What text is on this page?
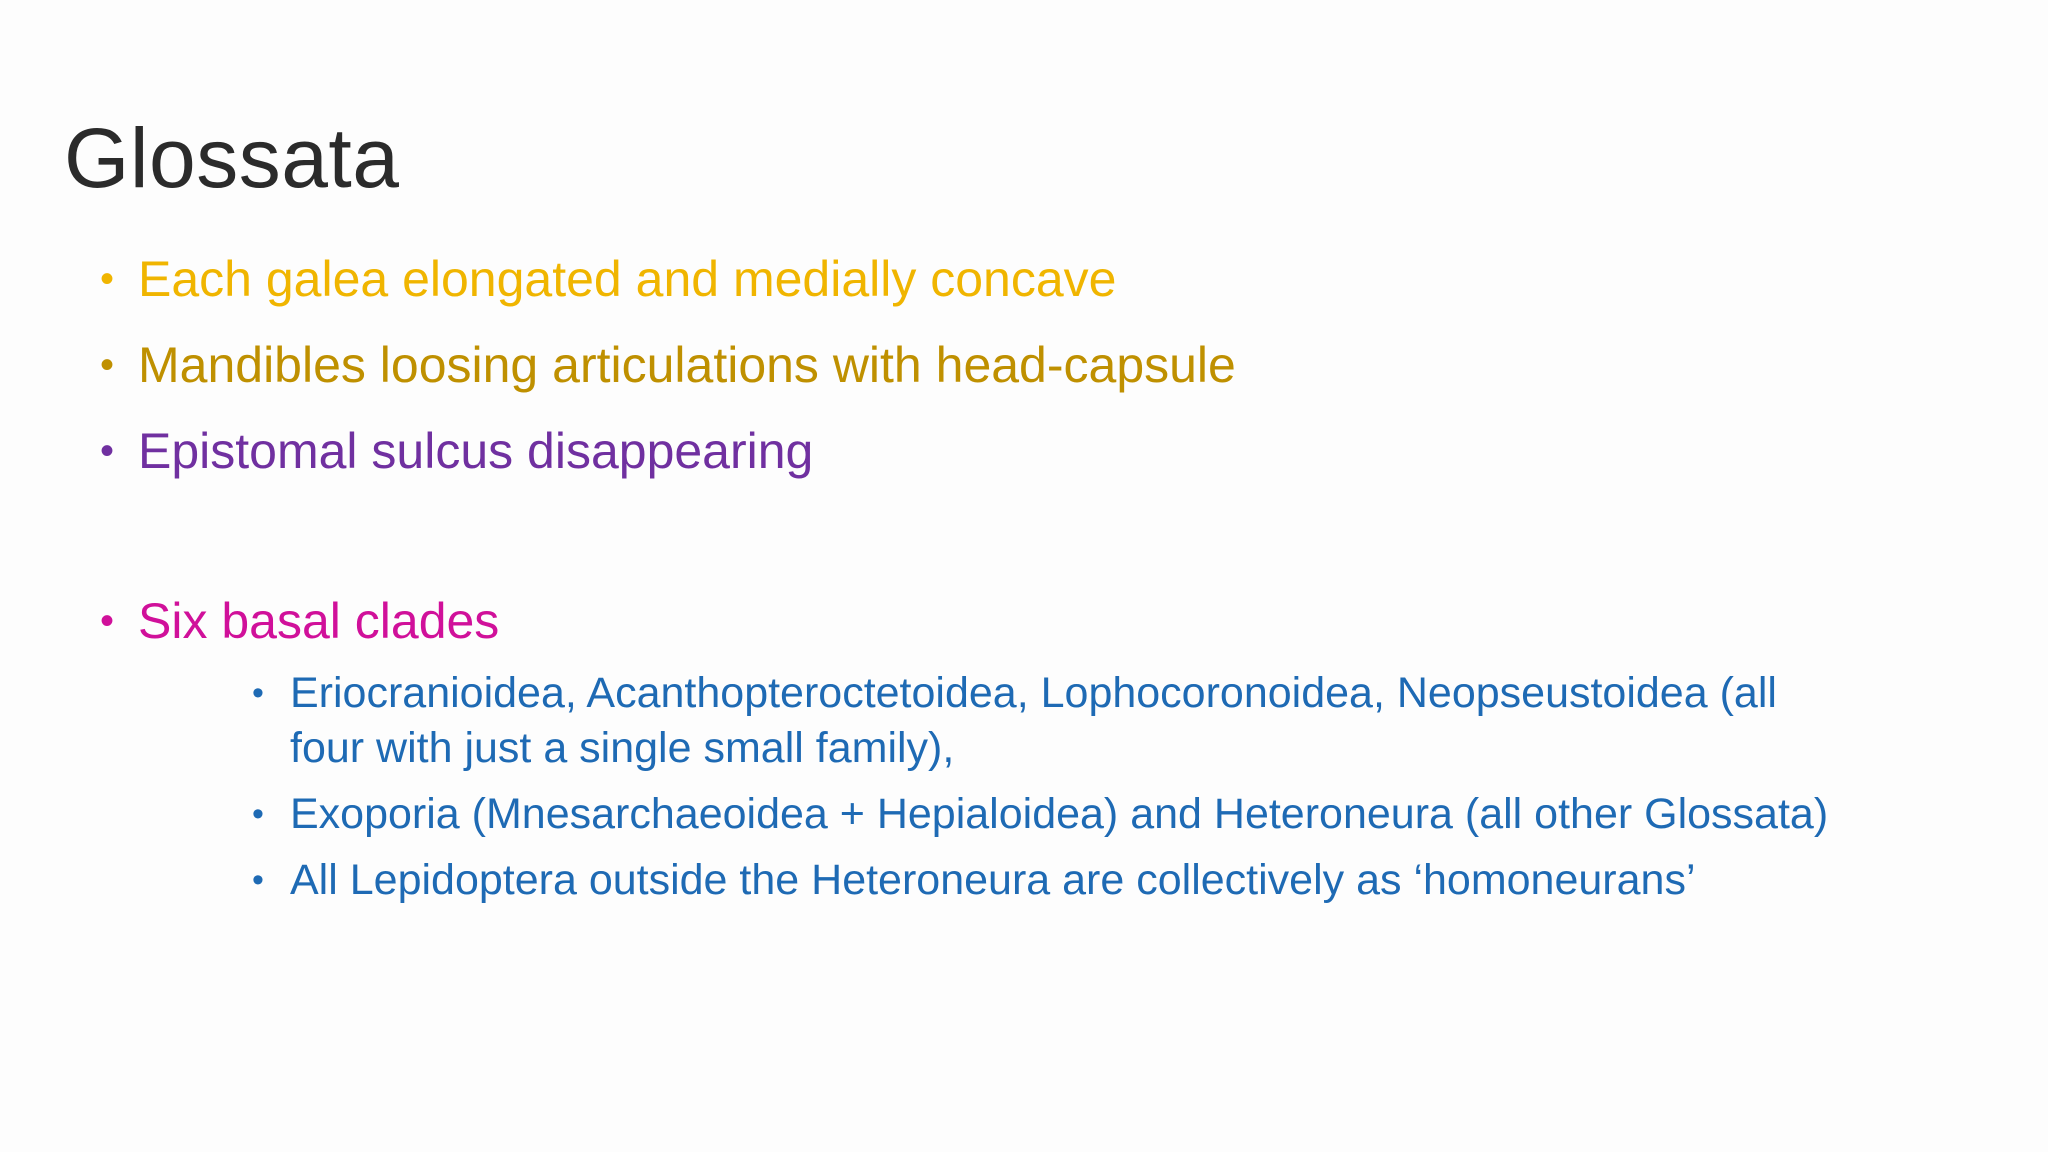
Glossata
• Each galea elongated and medially concave
• Mandibles loosing articulations with head-capsule
• Epistomal sulcus disappearing
• Six basal clades
• Eriocranioidea, Acanthopteroctetoidea, Lophocoronoidea, Neopseustoidea (all
four with just a single small family),
• Exoporia (Mnesarchaeoidea + Hepialoidea) and Heteroneura (all other Glossata)
• All Lepidoptera outside the Heteroneura are collectively as ‘homoneurans’
